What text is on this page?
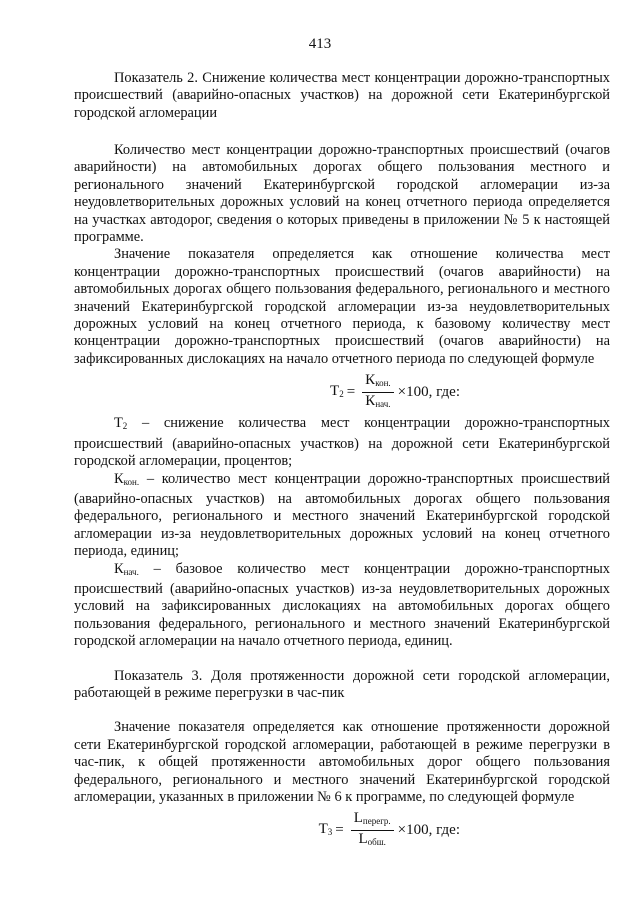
413

Показатель 2. Снижение количества мест концентрации дорожно-транспортных происшествий (аварийно-опасных участков) на дорожной сети Екатеринбургской городской агломерации

Количество мест концентрации дорожно-транспортных происшествий (очагов аварийности) на автомобильных дорогах общего пользования местного и регионального значений Екатеринбургской городской агломерации из-за неудовлетворительных дорожных условий на конец отчетного периода определяется на участках автодорог, сведения о которых приведены в приложении № 5 к настоящей программе.

Значение показателя определяется как отношение количества мест концентрации дорожно-транспортных происшествий (очагов аварийности) на автомобильных дорогах общего пользования федерального, регионального и местного значений Екатеринбургской городской агломерации из-за неудовлетворительных дорожных условий на конец отчетного периода, к базовому количеству мест концентрации дорожно-транспортных происшествий (очагов аварийности) на зафиксированных дислокациях на начало отчетного периода по следующей формуле

$Т_2 = \frac{К_{кон.}}{К_{нач.}} \times 100$, где:

$Т_2$ – снижение количества мест концентрации дорожно-транспортных происшествий (аварийно-опасных участков) на дорожной сети Екатеринбургской городской агломерации, процентов;

$К_{кон.}$ – количество мест концентрации дорожно-транспортных происшествий (аварийно-опасных участков) на автомобильных дорогах общего пользования федерального, регионального и местного значений Екатеринбургской городской агломерации из-за неудовлетворительных дорожных условий на конец отчетного периода, единиц;

$К_{нач.}$ – базовое количество мест концентрации дорожно-транспортных происшествий (аварийно-опасных участков) из-за неудовлетворительных дорожных условий на зафиксированных дислокациях на автомобильных дорогах общего пользования федерального, регионального и местного значений Екатеринбургской городской агломерации на начало отчетного периода, единиц.

Показатель 3. Доля протяженности дорожной сети городской агломерации, работающей в режиме перегрузки в час-пик

Значение показателя определяется как отношение протяженности дорожной сети Екатеринбургской городской агломерации, работающей в режиме перегрузки в час-пик, к общей протяженности автомобильных дорог общего пользования федерального, регионального и местного значений Екатеринбургской городской агломерации, указанных в приложении № 6 к программе, по следующей формуле

$Т_3 = \frac{L_{перегр.}}{L_{обш.}} \times 100$, где:
